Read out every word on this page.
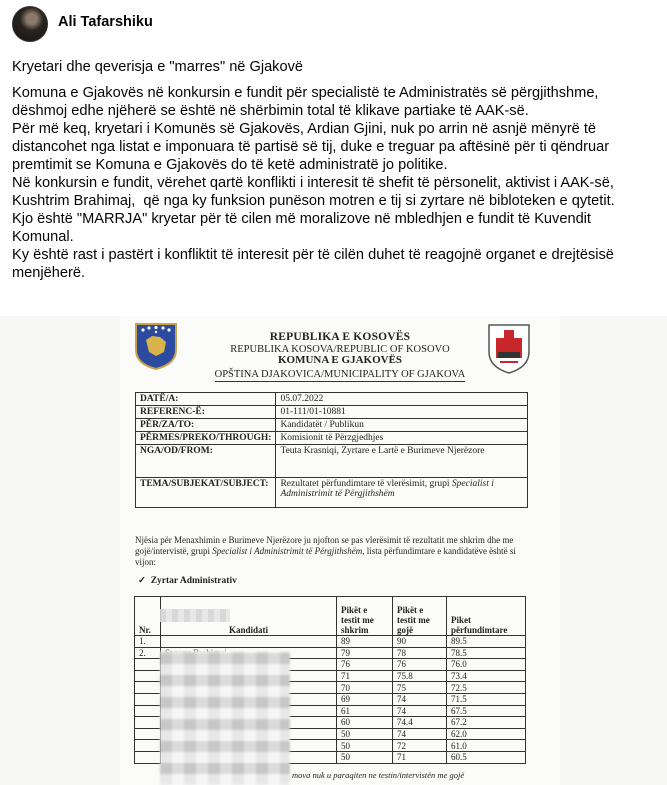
Ali Tafarshiku

Kryetari dhe qeverisja e "marres" në Gjakovë

Komuna e Gjakovës në konkursin e fundit për specialistë te Administratës së përgjithshme,

dëshmoj edhe njëherë se është në shërbimin total të klikave partiake të AAK-së.

Për më keq, kryetari i Komunës së Gjakovës, Ardian Gjini, nuk po arrin në asnjë mënyrë të

distancohet nga listat e imponuara të partisë së tij, duke e treguar pa aftësinë për ti qëndruar

premtimit se Komuna e Gjakovës do të ketë administratë jo politike.

Në konkursin e fundit, vërehet qartë konflikti i interesit të shefit të përsonelit, aktivist i AAK-së,

Kushtrim Brahimaj,  që nga ky funksion punëson motren e tij si zyrtare në bibloteken e qytetit.

Kjo është "MARRJA" kryetar për të cilen më moralizove në mbledhjen e fundit të Kuvendit

Komunal.

Ky është rast i pastërt i konfliktit të interesit për të cilën duhet të reagojnë organet e drejtësisë

menjëherë.

REPUBLIKA E KOSOVËS
REPUBLIKA KOSOVA/REPUBLIC OF KOSOVO
KOMUNA E GJAKOVËS
OPŠTINA DJAKOVICA/MUNICIPALITY OF GJAKOVA
DATË/A:	05.07.2022
REFERENC-Ë:	01-111/01-10881
PËR/ZA/TO:	Kandidatët / Publikun
PËRMES/PREKO/THROUGH:	Komisionit të Përzgjedhjes
NGA/OD/FROM:	Teuta Krasniqi, Zyrtare e Lartë e Burimeve Njerëzore
TEMA/SUBJEKAT/SUBJECT:	Rezultatet përfundimtare të vlerësimit, grupi Specialist i Administrimit të Përgjithshëm
Njësia për Menaxhimin e Burimeve Njerëzore ju njofton se pas vlerësimit të rezultatit me shkrim dhe me gojë/intervistë, grupi Specialist i Administrimit të Përgjithshëm, lista përfundimtare e kandidatëve është si vijon:
✓ Zyrtar Administrativ
Nr.	Kandidati	Pikët e testit me shkrim	Pikët e testit me gojë	Piket përfundimtare
1.		89	90	89.5
2.		79	78	78.5
		76	76	76.0
		71	75.8	73.4
		70	75	72.5
		69	74	71.5
		61	74	67.5
		60	74.4	67.2
		50	74	62.0
		50	72	61.0
		50	71	60.5
mova nuk u paraqiten ne testin/intervistën me gojë
